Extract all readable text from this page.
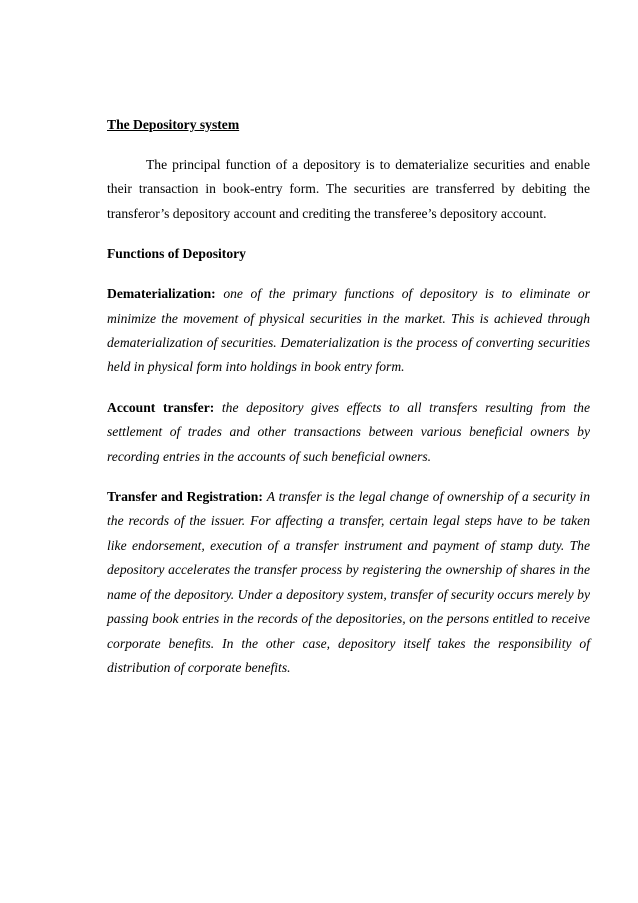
The Depository system

The principal function of a depository is to dematerialize securities and enable their transaction in book-entry form. The securities are transferred by debiting the transferor’s depository account and crediting the transferee’s depository account.

Functions of Depository

Dematerialization: one of the primary functions of depository is to eliminate or minimize the movement of physical securities in the market. This is achieved through dematerialization of securities. Dematerialization is the process of converting securities held in physical form into holdings in book entry form.

Account transfer: the depository gives effects to all transfers resulting from the settlement of trades and other transactions between various beneficial owners by recording entries in the accounts of such beneficial owners.

Transfer and Registration: A transfer is the legal change of ownership of a security in the records of the issuer. For affecting a transfer, certain legal steps have to be taken like endorsement, execution of a transfer instrument and payment of stamp duty. The depository accelerates the transfer process by registering the ownership of shares in the name of the depository. Under a depository system, transfer of security occurs merely by passing book entries in the records of the depositories, on the persons entitled to receive corporate benefits. In the other case, depository itself takes the responsibility of distribution of corporate benefits.
